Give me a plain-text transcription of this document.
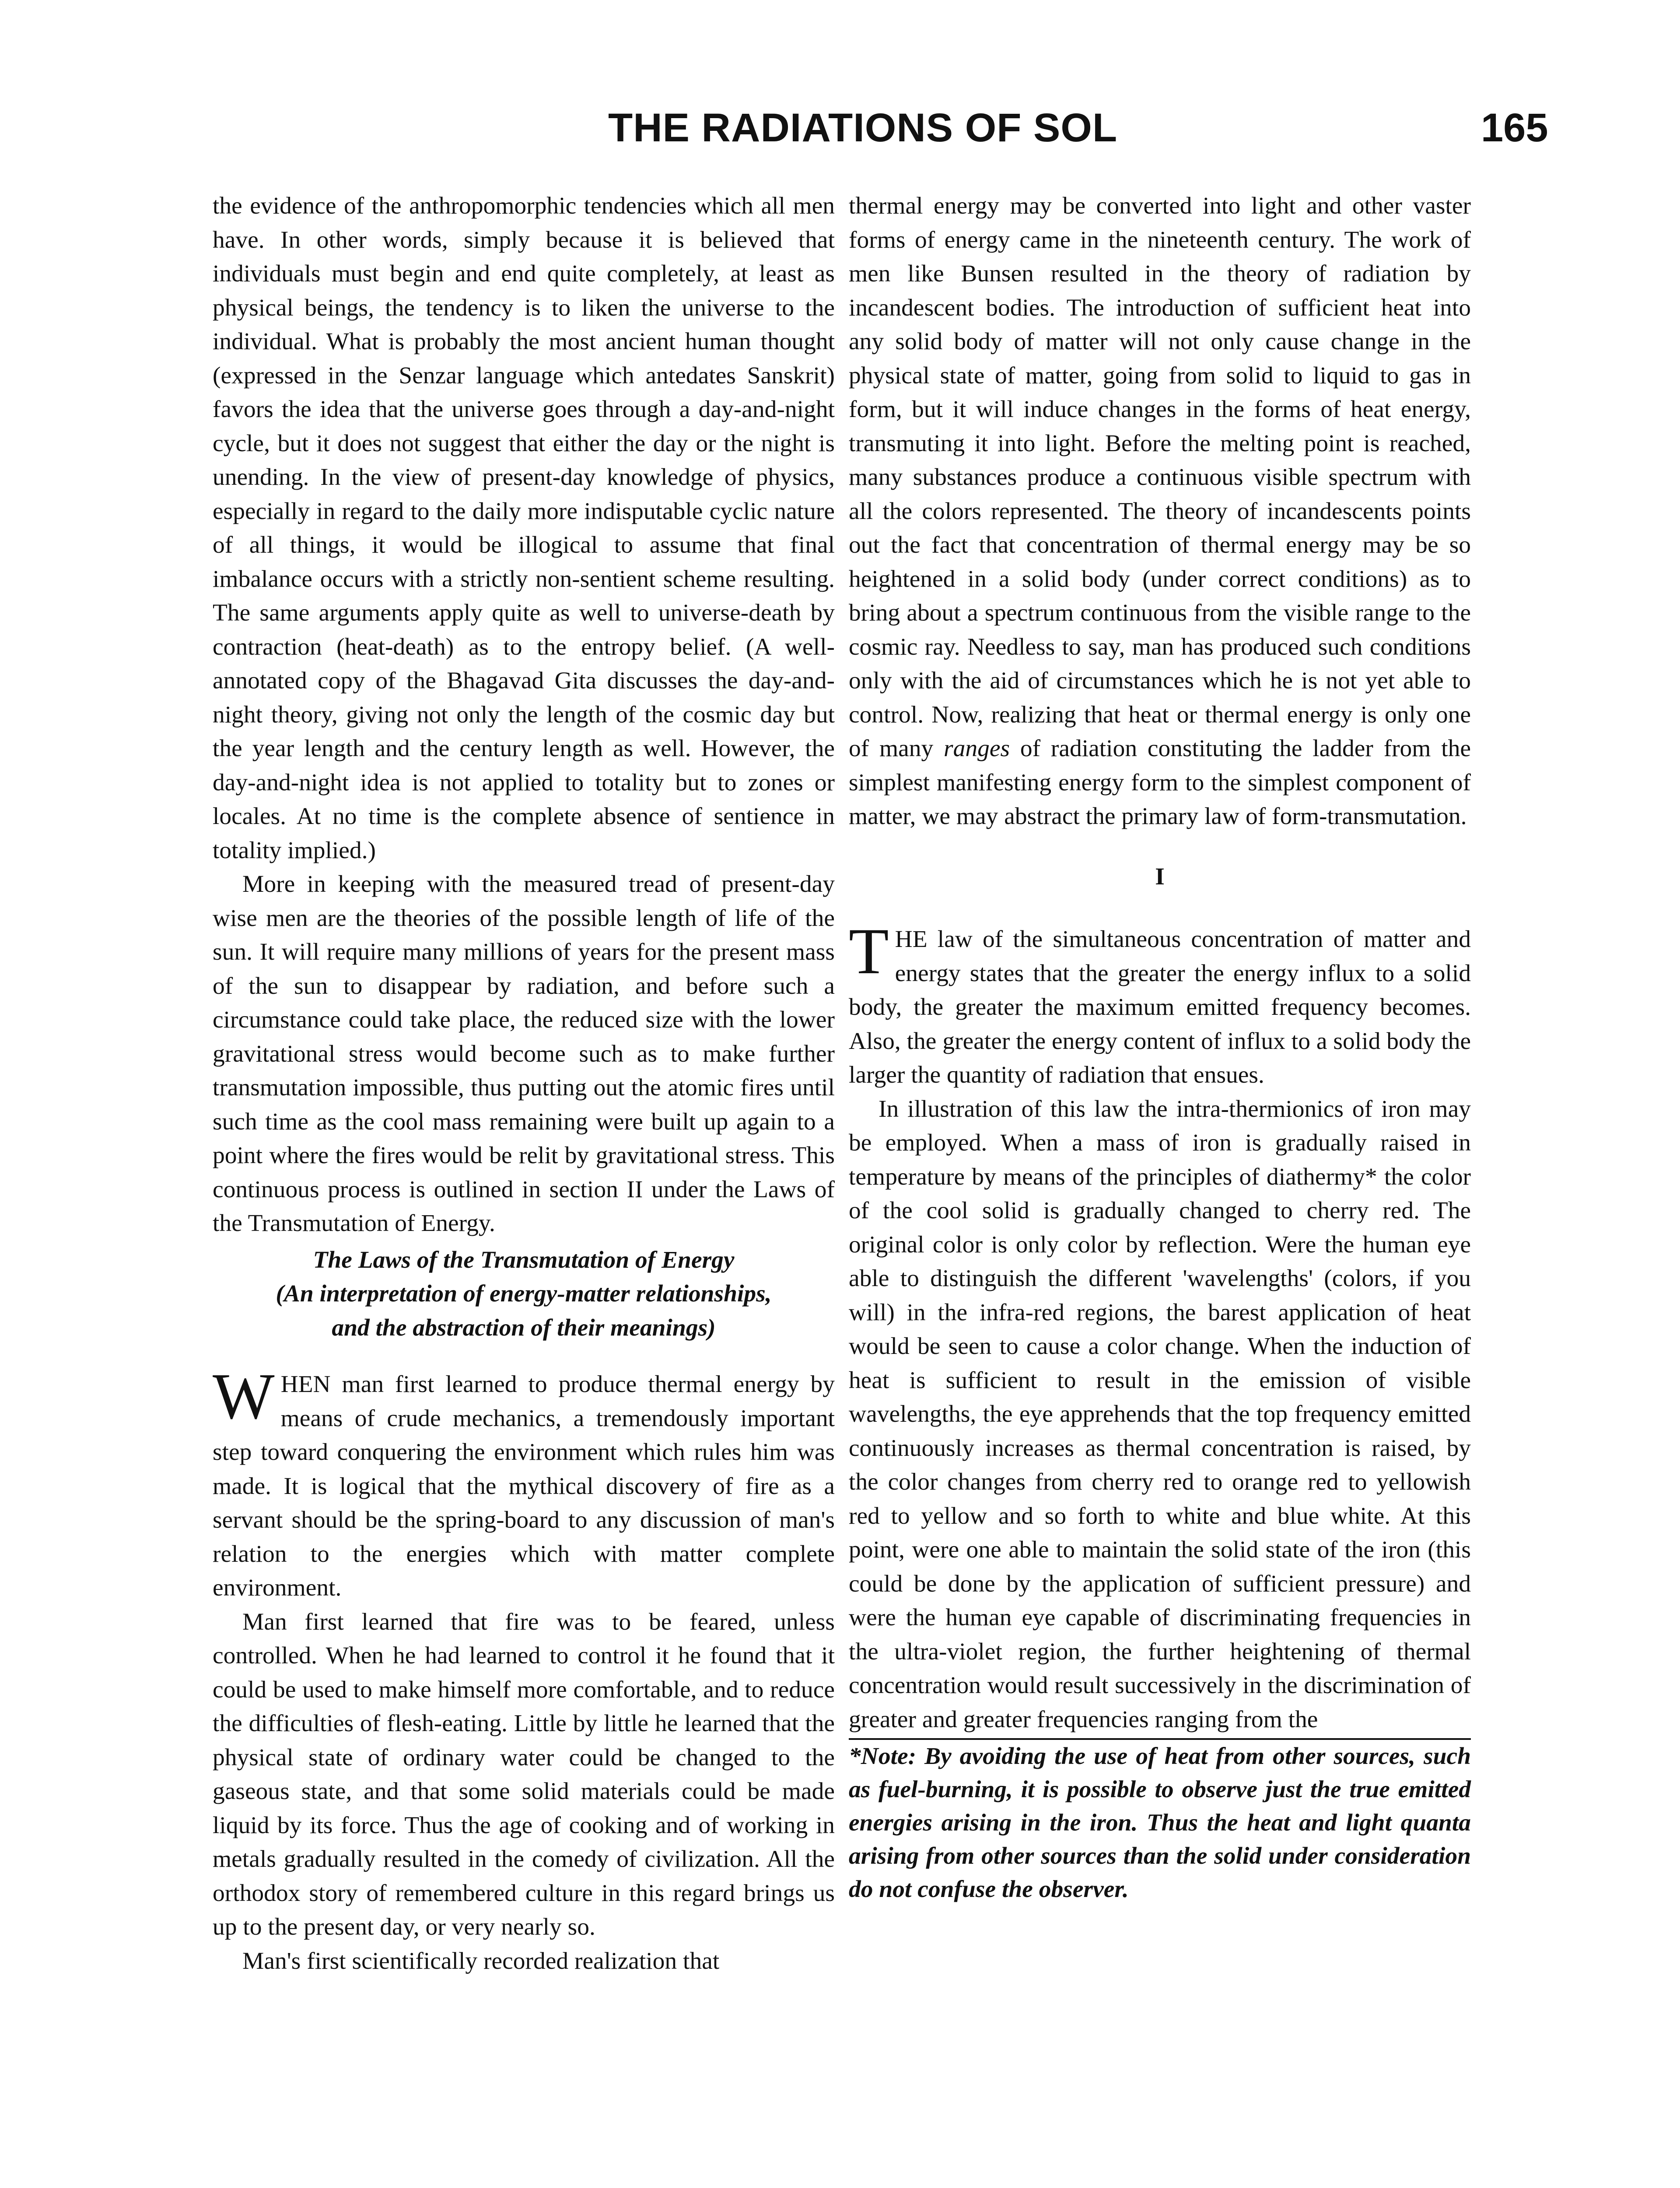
THE RADIATIONS OF SOL	165

the evidence of the anthropomorphic tendencies which all men have. In other words, simply because it is believed that individuals must begin and end quite completely, at least as physical beings, the tendency is to liken the universe to the individual. What is probably the most ancient human thought (expressed in the Senzar language which antedates Sanskrit) favors the idea that the universe goes through a day-and-night cycle, but it does not suggest that either the day or the night is unending. In the view of present-day knowledge of physics, especially in regard to the daily more indisputable cyclic nature of all things, it would be illogical to assume that final imbalance occurs with a strictly non-sentient scheme resulting. The same arguments apply quite as well to universe-death by contraction (heat-death) as to the entropy belief. (A well-annotated copy of the Bhagavad Gita discusses the day-and-night theory, giving not only the length of the cosmic day but the year length and the century length as well. However, the day-and-night idea is not applied to totality but to zones or locales. At no time is the complete absence of sentience in totality implied.)

More in keeping with the measured tread of present-day wise men are the theories of the possible length of life of the sun. It will require many millions of years for the present mass of the sun to disappear by radiation, and before such a circumstance could take place, the reduced size with the lower gravitational stress would become such as to make further transmutation impossible, thus putting out the atomic fires until such time as the cool mass remaining were built up again to a point where the fires would be relit by gravitational stress. This continuous process is outlined in section II under the Laws of the Transmutation of Energy.

The Laws of the Transmutation of Energy
(An interpretation of energy-matter relationships,
and the abstraction of their meanings)

WHEN man first learned to produce thermal energy by means of crude mechanics, a tremendously important step toward conquering the environment which rules him was made. It is logical that the mythical discovery of fire as a servant should be the spring-board to any discussion of man's relation to the energies which with matter complete environment.

Man first learned that fire was to be feared, unless controlled. When he had learned to control it he found that it could be used to make himself more comfortable, and to reduce the difficulties of flesh-eating. Little by little he learned that the physical state of ordinary water could be changed to the gaseous state, and that some solid materials could be made liquid by its force. Thus the age of cooking and of working in metals gradually resulted in the comedy of civilization. All the orthodox story of remembered culture in this regard brings us up to the present day, or very nearly so.

Man's first scientifically recorded realization that

thermal energy may be converted into light and other vaster forms of energy came in the nineteenth century. The work of men like Bunsen resulted in the theory of radiation by incandescent bodies. The introduction of sufficient heat into any solid body of matter will not only cause change in the physical state of matter, going from solid to liquid to gas in form, but it will induce changes in the forms of heat energy, transmuting it into light. Before the melting point is reached, many substances produce a continuous visible spectrum with all the colors represented. The theory of incandescents points out the fact that concentration of thermal energy may be so heightened in a solid body (under correct conditions) as to bring about a spectrum continuous from the visible range to the cosmic ray. Needless to say, man has produced such conditions only with the aid of circumstances which he is not yet able to control. Now, realizing that heat or thermal energy is only one of many ranges of radiation constituting the ladder from the simplest manifesting energy form to the simplest component of matter, we may abstract the primary law of form-transmutation.

I

THE law of the simultaneous concentration of matter and energy states that the greater the energy influx to a solid body, the greater the maximum emitted frequency becomes. Also, the greater the energy content of influx to a solid body the larger the quantity of radiation that ensues.

In illustration of this law the intra-thermionics of iron may be employed. When a mass of iron is gradually raised in temperature by means of the principles of diathermy* the color of the cool solid is gradually changed to cherry red. The original color is only color by reflection. Were the human eye able to distinguish the different 'wavelengths' (colors, if you will) in the infra-red regions, the barest application of heat would be seen to cause a color change. When the induction of heat is sufficient to result in the emission of visible wavelengths, the eye apprehends that the top frequency emitted continuously increases as thermal concentration is raised, by the color changes from cherry red to orange red to yellowish red to yellow and so forth to white and blue white. At this point, were one able to maintain the solid state of the iron (this could be done by the application of sufficient pressure) and were the human eye capable of discriminating frequencies in the ultra-violet region, the further heightening of thermal concentration would result successively in the discrimination of greater and greater frequencies ranging from the

*Note: By avoiding the use of heat from other sources, such as fuel-burning, it is possible to observe just the true emitted energies arising in the iron. Thus the heat and light quanta arising from other sources than the solid under consideration do not confuse the observer.
